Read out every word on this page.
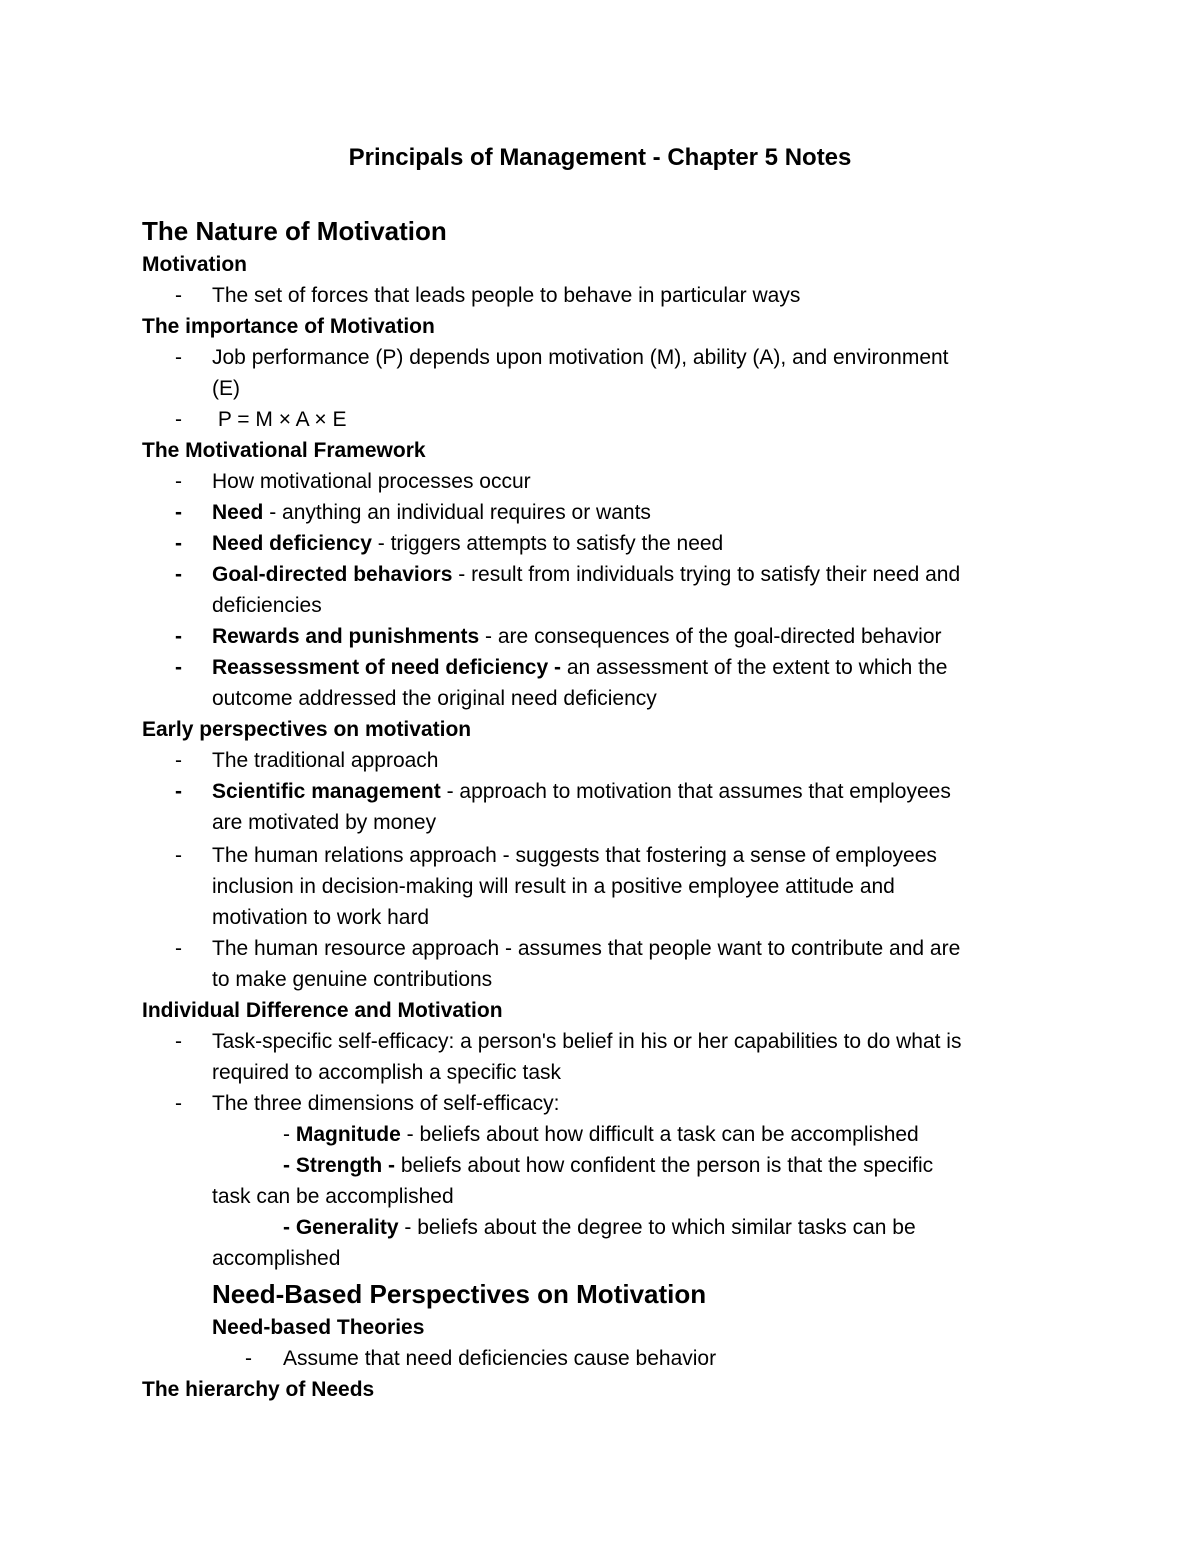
Principals of Management - Chapter 5 Notes
The Nature of Motivation
Motivation
-	The set of forces that leads people to behave in particular ways
The importance of Motivation
-	Job performance (P) depends upon motivation (M), ability (A), and environment
(E)
-	P = M × A × E
The Motivational Framework
-	How motivational processes occur
-	Need - anything an individual requires or wants
-	Need deficiency - triggers attempts to satisfy the need
-	Goal-directed behaviors - result from individuals trying to satisfy their need and
deficiencies
-	Rewards and punishments - are consequences of the goal-directed behavior
-	Reassessment of need deficiency - an assessment of the extent to which the
outcome addressed the original need deficiency
Early perspectives on motivation
-	The traditional approach
-	Scientific management - approach to motivation that assumes that employees
are motivated by money
-	The human relations approach - suggests that fostering a sense of employees
inclusion in decision-making will result in a positive employee attitude and
motivation to work hard
-	The human resource approach - assumes that people want to contribute and are
to make genuine contributions
Individual Difference and Motivation
-	Task-specific self-efficacy: a person's belief in his or her capabilities to do what is
required to accomplish a specific task
-	The three dimensions of self-efficacy:
- Magnitude - beliefs about how difficult a task can be accomplished
- Strength - beliefs about how confident the person is that the specific
task can be accomplished
- Generality - beliefs about the degree to which similar tasks can be
accomplished
Need-Based Perspectives on Motivation
Need-based Theories
- Assume that need deficiencies cause behavior
The hierarchy of Needs
